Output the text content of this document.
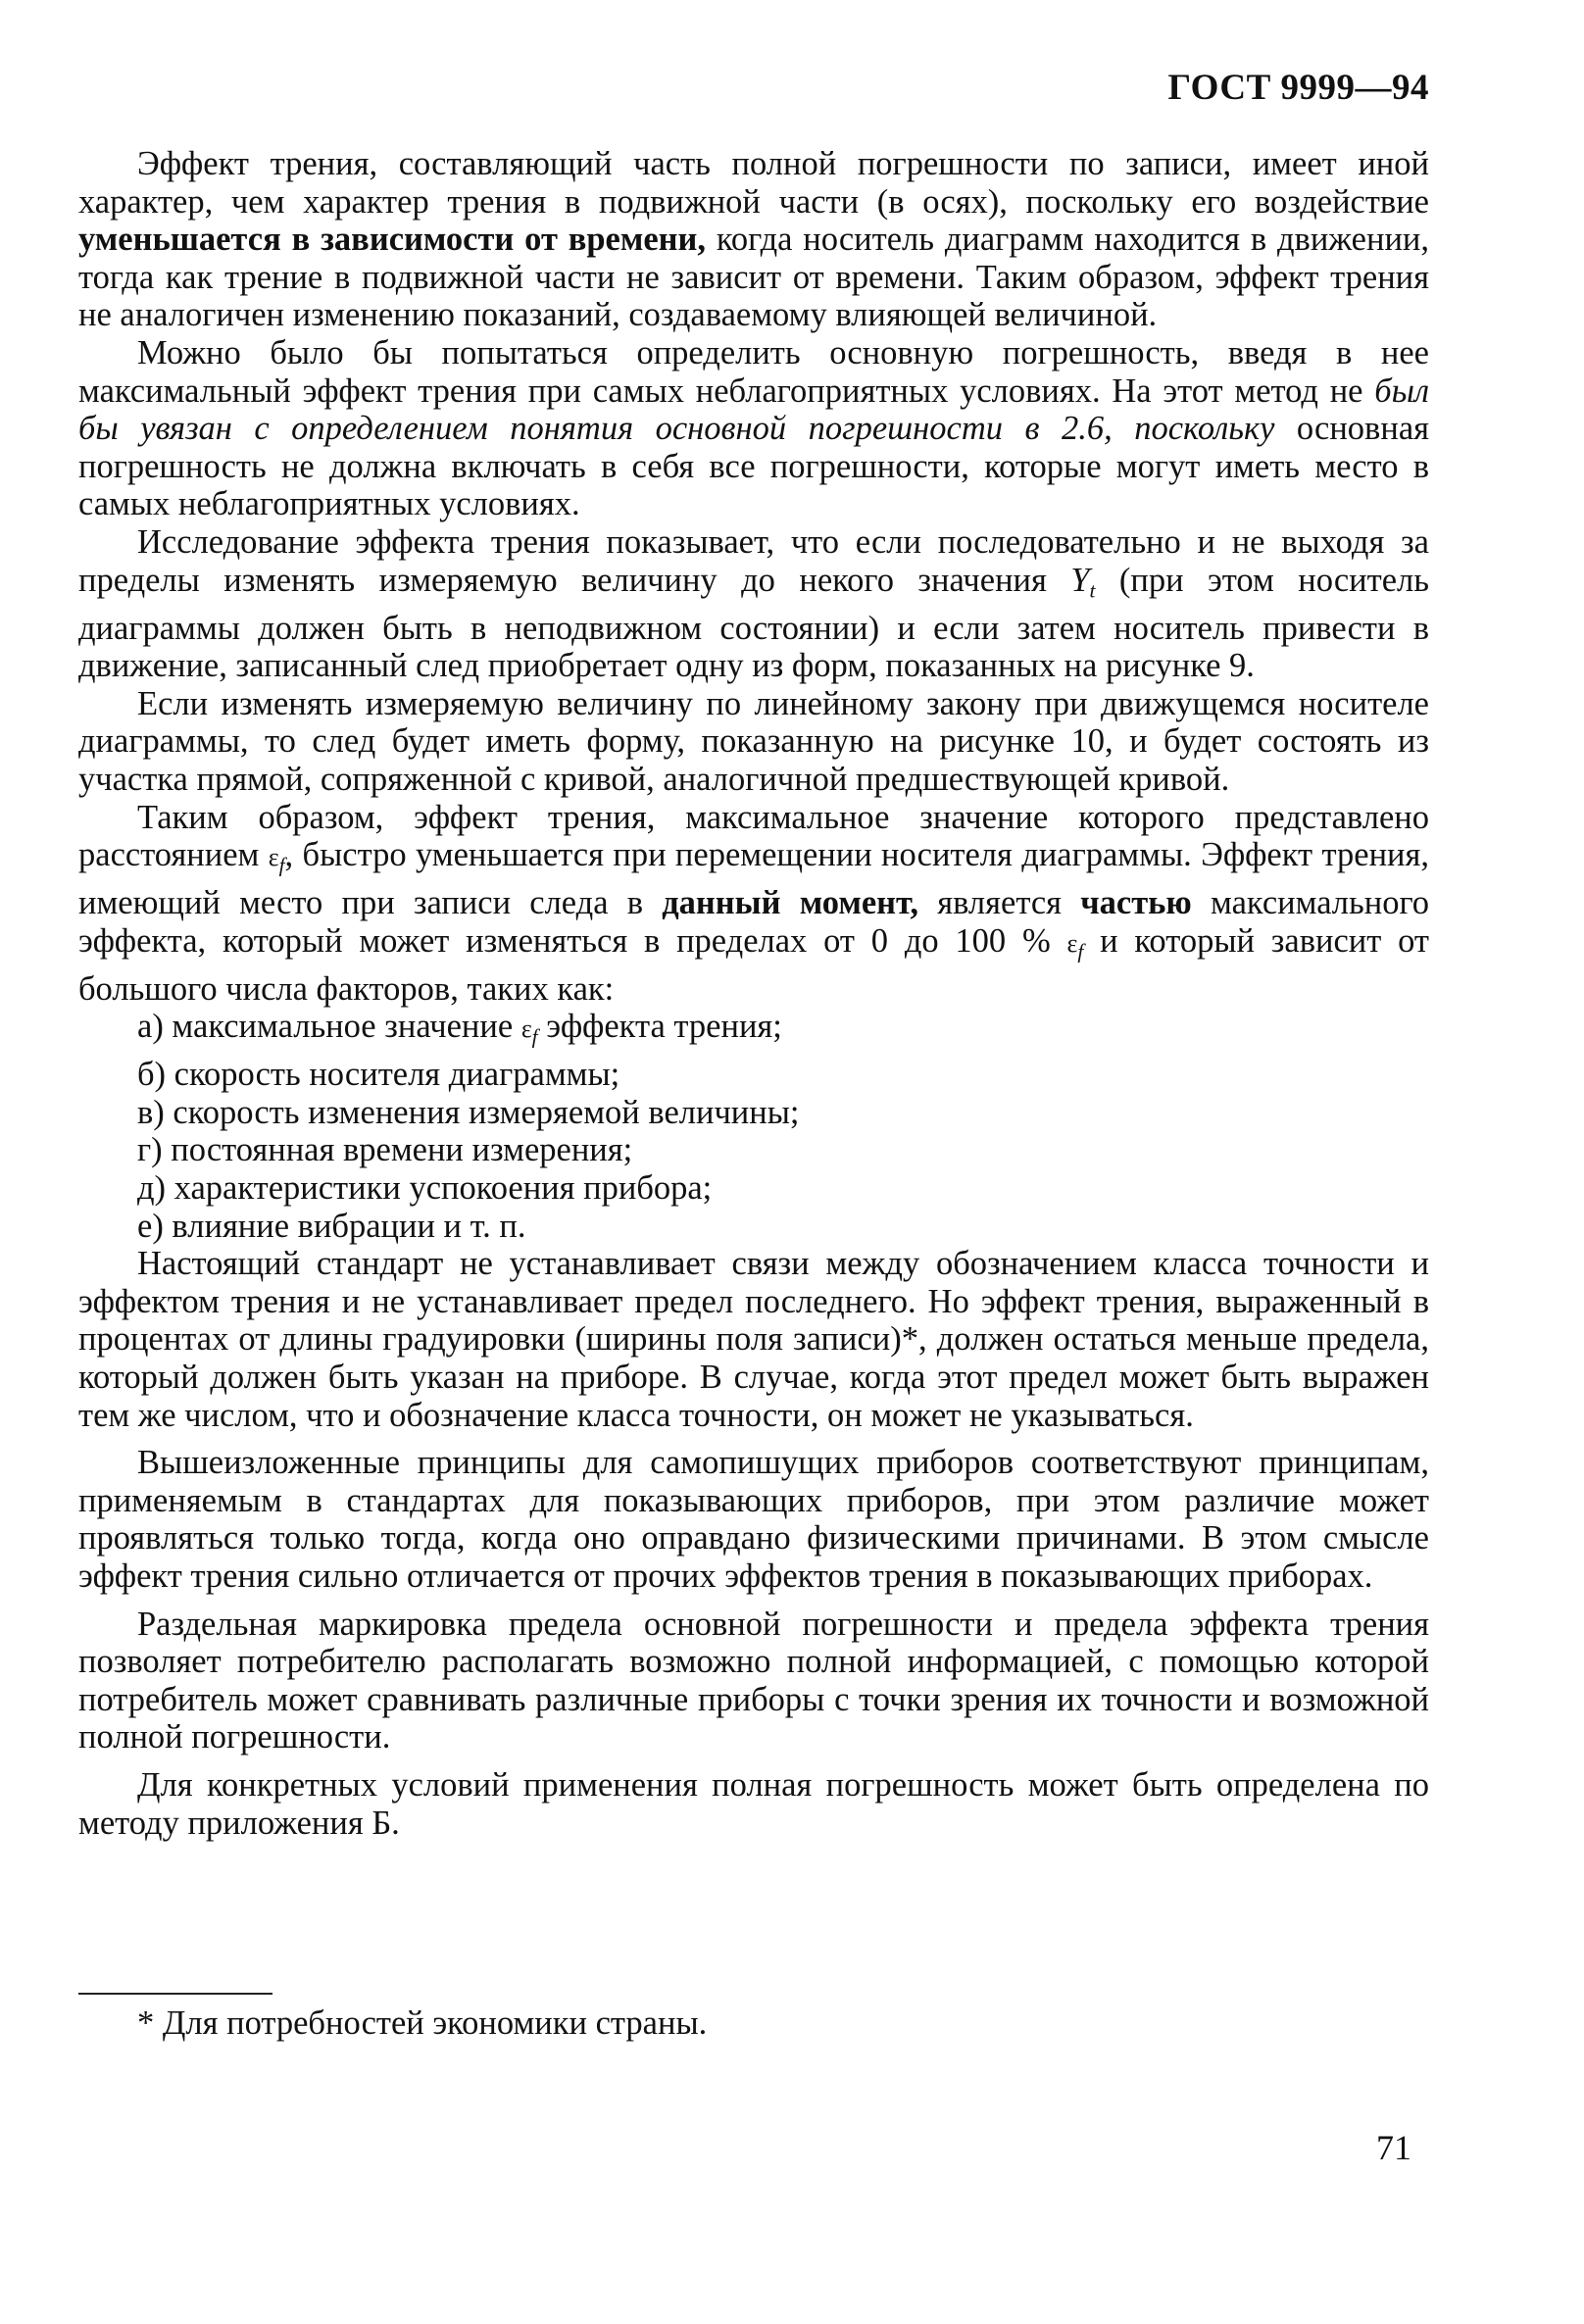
ГОСТ 9999—94

Эффект трения, составляющий часть полной погрешности по записи, имеет иной характер, чем характер трения в подвижной части (в осях), поскольку его воздействие уменьшается в зависимости от времени, когда носитель диаграмм находится в движении, тогда как трение в подвижной части не зависит от времени. Таким образом, эффект трения не аналогичен изменению показаний, создаваемому влияющей величиной.

Можно было бы попытаться определить основную погрешность, введя в нее максимальный эффект трения при самых неблагоприятных условиях. На этот метод не был бы увязан с определением понятия основной погрешности в 2.6, поскольку основная погрешность не должна включать в себя все погрешности, которые могут иметь место в самых неблагоприятных условиях.

Исследование эффекта трения показывает, что если последовательно и не выходя за пределы изменять измеряемую величину до некого значения $Y_t$ (при этом носитель диаграммы должен быть в неподвижном состоянии) и если затем носитель привести в движение, записанный след приобретает одну из форм, показанных на рисунке 9.

Если изменять измеряемую величину по линейному закону при движущемся носителе диаграммы, то след будет иметь форму, показанную на рисунке 10, и будет состоять из участка прямой, сопряженной с кривой, аналогичной предшествующей кривой.

Таким образом, эффект трения, максимальное значение которого представлено расстоянием $\varepsilon_f$, быстро уменьшается при перемещении носителя диаграммы. Эффект трения, имеющий место при записи следа в данный момент, является частью максимального эффекта, который может изменяться в пределах от 0 до 100 % $\varepsilon_f$ и который зависит от большого числа факторов, таких как:

а) максимальное значение $\varepsilon_f$ эффекта трения;

б) скорость носителя диаграммы;

в) скорость изменения измеряемой величины;

г) постоянная времени измерения;

д) характеристики успокоения прибора;

е) влияние вибрации и т. п.

Настоящий стандарт не устанавливает связи между обозначением класса точности и эффектом трения и не устанавливает предел последнего. Но эффект трения, выраженный в процентах от длины градуировки (ширины поля записи)*, должен остаться меньше предела, который должен быть указан на приборе. В случае, когда этот предел может быть выражен тем же числом, что и обозначение класса точности, он может не указываться.

Вышеизложенные принципы для самопишущих приборов соответствуют принципам, применяемым в стандартах для показывающих приборов, при этом различие может проявляться только тогда, когда оно оправдано физическими причинами. В этом смысле эффект трения сильно отличается от прочих эффектов трения в показывающих приборах.

Раздельная маркировка предела основной погрешности и предела эффекта трения позволяет потребителю располагать возможно полной информацией, с помощью которой потребитель может сравнивать различные приборы с точки зрения их точности и возможной полной погрешности.

Для конкретных условий применения полная погрешность может быть определена по методу приложения Б.

* Для потребностей экономики страны.
71
